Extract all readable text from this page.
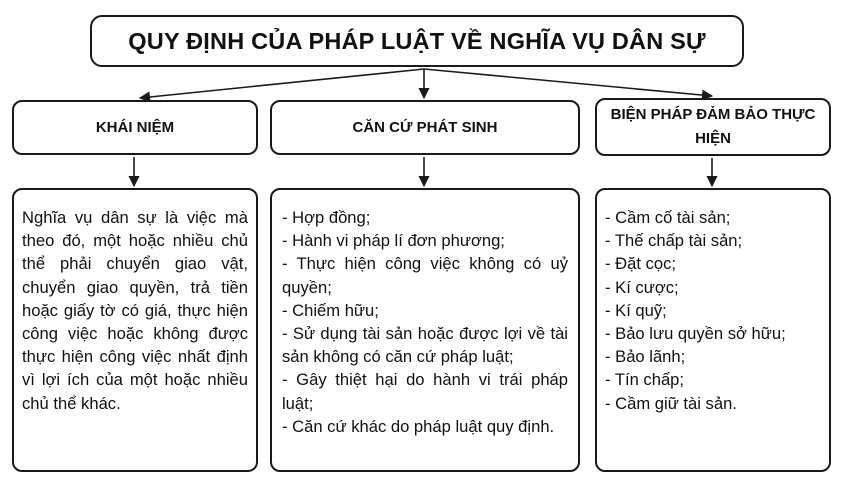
QUY ĐỊNH CỦA PHÁP LUẬT VỀ NGHĨA VỤ DÂN SỰ
KHÁI NIỆM	CĂN CỨ PHÁT SINH
BIỆN PHÁP ĐẢM BẢO THỰC HIỆN

Nghĩa vụ dân sự là việc mà theo đó, một hoặc nhiều chủ thể phải chuyển giao vật, chuyển giao quyền, trả tiền hoặc giấy tờ có giá, thực hiện công việc hoặc không được thực hiện công việc nhất định vì lợi ích của một hoặc nhiều chủ thể khác.

- Hợp đồng;

- Hành vi pháp lí đơn phương;

- Thực hiện công việc không có uỷ quyền;

- Chiếm hữu;

- Sử dụng tài sản hoặc được lợi về tài sản không có căn cứ pháp luật;

- Gây thiệt hại do hành vi trái pháp luật;

- Căn cứ khác do pháp luật quy định.

- Cầm cố tài sản;

- Thế chấp tài sản;

- Đặt cọc;

- Kí cược;

- Kí quỹ;

- Bảo lưu quyền sở hữu;

- Bảo lãnh;

- Tín chấp;

- Cầm giữ tài sản.
